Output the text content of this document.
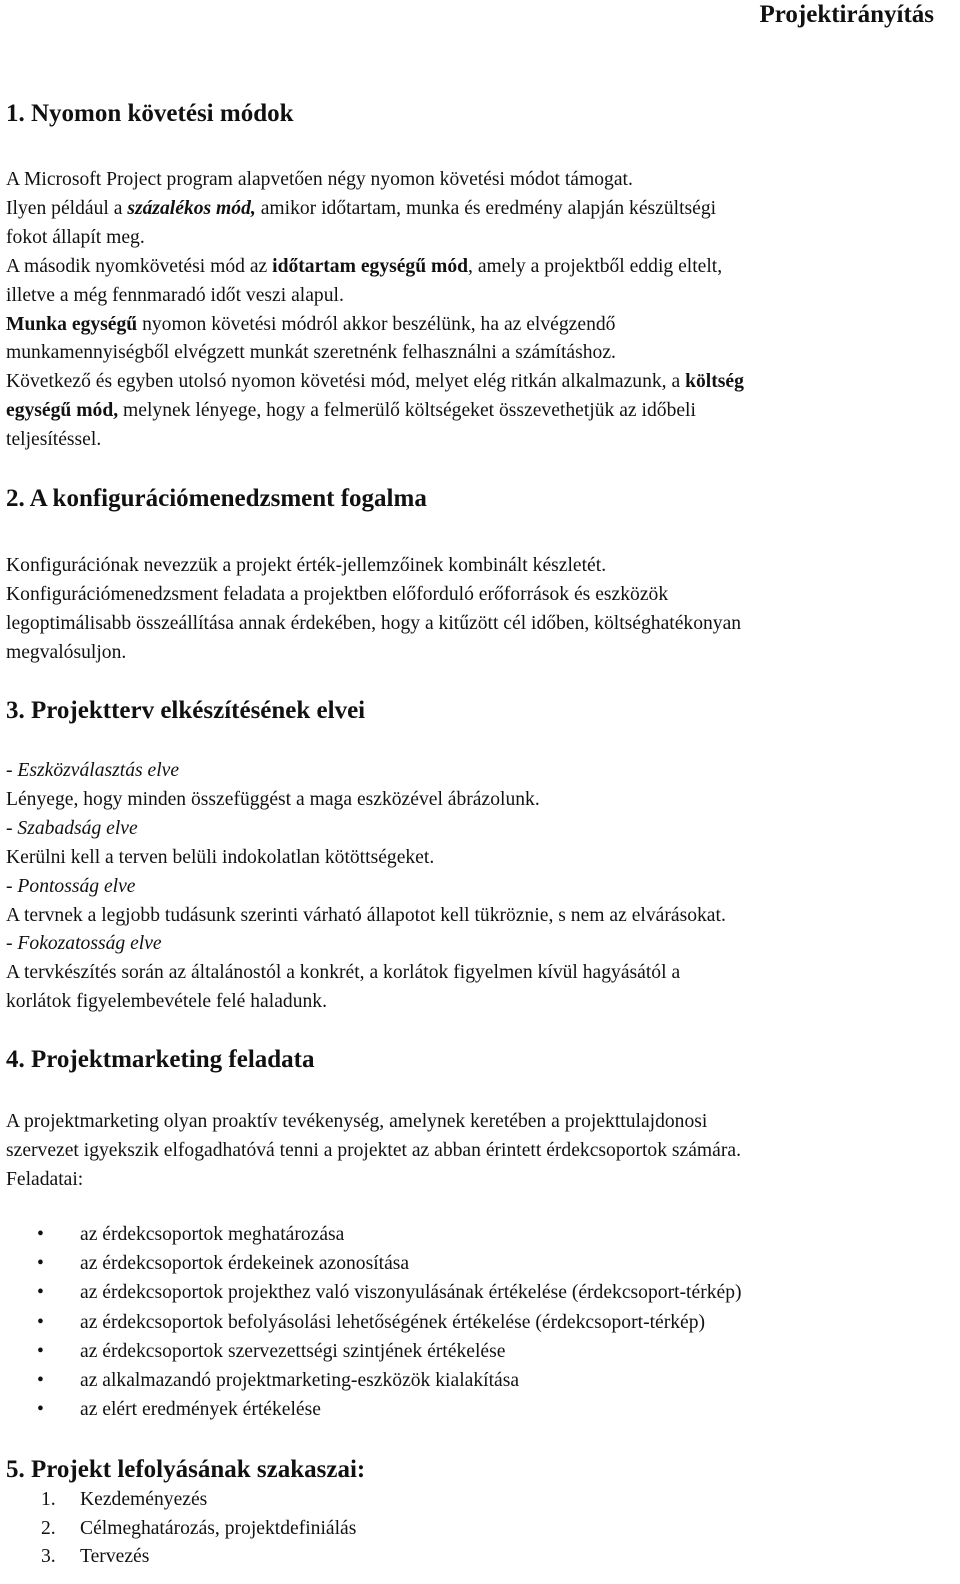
Projektirányítás
1. Nyomon követési módok
A Microsoft Project program alapvetően négy nyomon követési módot támogat.
Ilyen például a százalékos mód, amikor időtartam, munka és eredmény alapján készültségi
fokot állapít meg.
A második nyomkövetési mód az időtartam egységű mód, amely a projektből eddig eltelt,
illetve a még fennmaradó időt veszi alapul.
Munka egységű nyomon követési módról akkor beszélünk, ha az elvégzendő
munkamennyiségből elvégzett munkát szeretnénk felhasználni a számításhoz.
Következő és egyben utolsó nyomon követési mód, melyet elég ritkán alkalmazunk, a költség
egységű mód, melynek lényege, hogy a felmerülő költségeket összevethetjük az időbeli
teljesítéssel.
2. A konfigurációmenedzsment fogalma
Konfigurációnak nevezzük a projekt érték-jellemzőinek kombinált készletét.
Konfigurációmenedzsment feladata a projektben előforduló erőforrások és eszközök
legoptimálisabb összeállítása annak érdekében, hogy a kitűzött cél időben, költséghatékonyan
megvalósuljon.
3. Projektterv elkészítésének elvei
- Eszközválasztás elve
Lényege, hogy minden összefüggést a maga eszközével ábrázolunk.
- Szabadság elve
Kerülni kell a terven belüli indokolatlan kötöttségeket.
- Pontosság elve
A tervnek a legjobb tudásunk szerinti várható állapotot kell tükröznie, s nem az elvárásokat.
- Fokozatosság elve
A tervkészítés során az általánostól a konkrét, a korlátok figyelmen kívül hagyásától a
korlátok figyelembevétele felé haladunk.
4. Projektmarketing feladata
A projektmarketing olyan proaktív tevékenység, amelynek keretében a projekttulajdonosi
szervezet igyekszik elfogadhatóvá tenni a projektet az abban érintett érdekcsoportok számára.
Feladatai:
• az érdekcsoportok meghatározása
• az érdekcsoportok érdekeinek azonosítása
• az érdekcsoportok projekthez való viszonyulásának értékelése (érdekcsoport-térkép)
• az érdekcsoportok befolyásolási lehetőségének értékelése (érdekcsoport-térkép)
• az érdekcsoportok szervezettségi szintjének értékelése
• az alkalmazandó projektmarketing-eszközök kialakítása
• az elért eredmények értékelése
5. Projekt lefolyásának szakaszai:
1. Kezdeményezés
2. Célmeghatározás, projektdefiniálás
3. Tervezés
